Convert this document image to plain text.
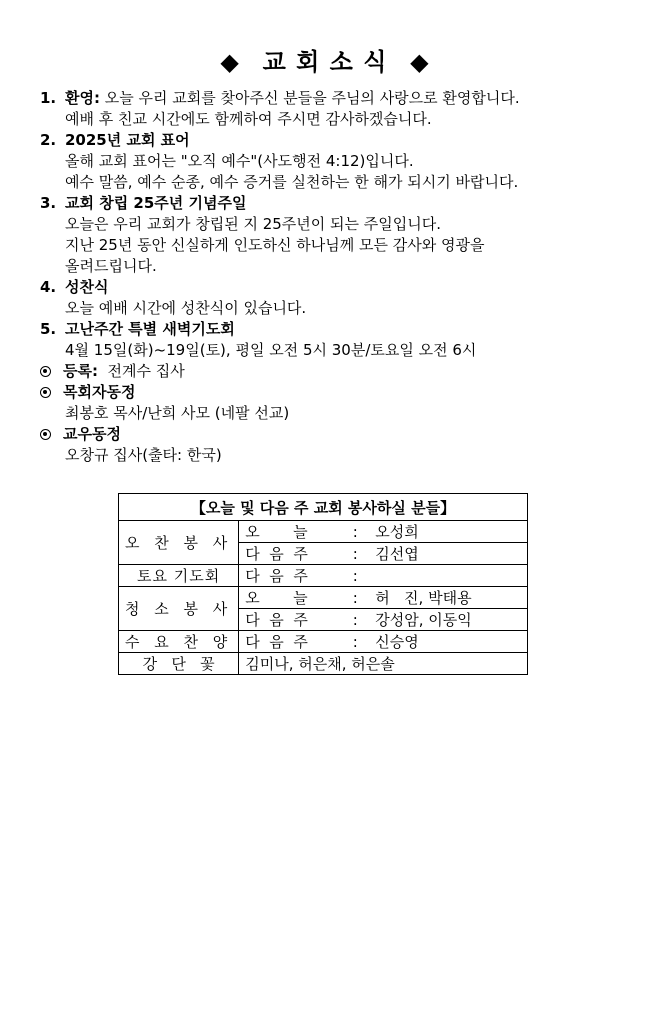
◆ 교 회 소 식 ◆
1. 환영: 오늘 우리 교회를 찾아주신 분들을 주님의 사랑으로 환영합니다.
예배 후 친교 시간에도 함께하여 주시면 감사하겠습니다.
2. 2025년 교회 표어
올해 교회 표어는 "오직 예수"(사도행전 4:12)입니다.
예수 말씀, 예수 순종, 예수 증거를 실천하는 한 해가 되시기 바랍니다.
3. 교회 창립 25주년 기념주일
오늘은 우리 교회가 창립된 지 25주년이 되는 주일입니다.
지난 25년 동안 신실하게 인도하신 하나님께 모든 감사와 영광을
올려드립니다.
4. 성찬식
오늘 예배 시간에 성찬식이 있습니다.
5. 고난주간 특별 새벽기도회
4월 15일(화)~19일(토), 평일 오전 5시 30분/토요일 오전 6시
등록:  전계수 집사
목회자동정
최봉호 목사/난희 사모 (네팔 선교)
교우동정
오창규 집사(출타: 한국)
【오늘 및 다음 주 교회 봉사하실 분들】	
오 찬 봉 사	오       늘 : 오성희
	다  음  주 : 김선엽
토요 기도회	다  음  주 :
청 소 봉 사	오       늘 : 허   진, 박태용
	다  음  주 : 강성암, 이동익
수 요 찬 양	다  음  주 : 신승영
강   단   꽃	김미나, 허은채, 허은솔
